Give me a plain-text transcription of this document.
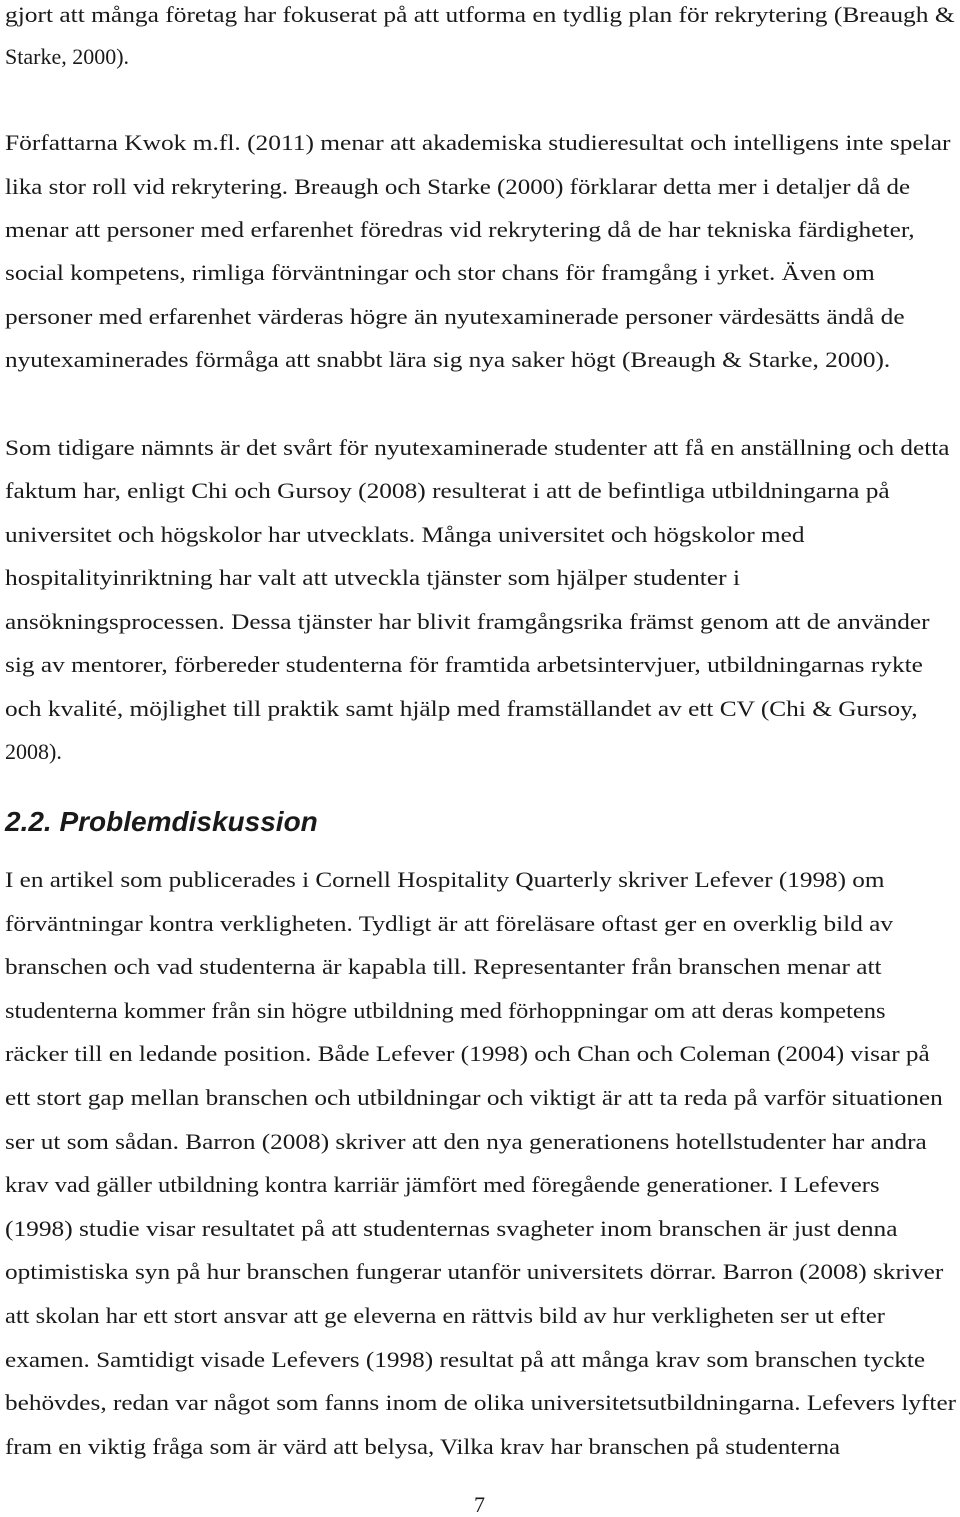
gjort att många företag har fokuserat på att utforma en tydlig plan för rekrytering (Breaugh &
Starke, 2000).
Författarna Kwok m.fl. (2011) menar att akademiska studieresultat och intelligens inte spelar
lika stor roll vid rekrytering. Breaugh och Starke (2000) förklarar detta mer i detaljer då de
menar att personer med erfarenhet föredras vid rekrytering då de har tekniska färdigheter,
social kompetens, rimliga förväntningar och stor chans för framgång i yrket. Även om
personer med erfarenhet värderas högre än nyutexaminerade personer värdesätts ändå de
nyutexaminerades förmåga att snabbt lära sig nya saker högt (Breaugh & Starke, 2000).
Som tidigare nämnts är det svårt för nyutexaminerade studenter att få en anställning och detta
faktum har, enligt Chi och Gursoy (2008) resulterat i att de befintliga utbildningarna på
universitet och högskolor har utvecklats. Många universitet och högskolor med
hospitalityinriktning har valt att utveckla tjänster som hjälper studenter i
ansökningsprocessen. Dessa tjänster har blivit framgångsrika främst genom att de använder
sig av mentorer, förbereder studenterna för framtida arbetsintervjuer, utbildningarnas rykte
och kvalité, möjlighet till praktik samt hjälp med framställandet av ett CV (Chi & Gursoy,
2008).
2.2. Problemdiskussion
I en artikel som publicerades i Cornell Hospitality Quarterly skriver Lefever (1998) om
förväntningar kontra verkligheten. Tydligt är att föreläsare oftast ger en overklig bild av
branschen och vad studenterna är kapabla till. Representanter från branschen menar att
studenterna kommer från sin högre utbildning med förhoppningar om att deras kompetens
räcker till en ledande position. Både Lefever (1998) och Chan och Coleman (2004) visar på
ett stort gap mellan branschen och utbildningar och viktigt är att ta reda på varför situationen
ser ut som sådan. Barron (2008) skriver att den nya generationens hotellstudenter har andra
krav vad gäller utbildning kontra karriär jämfört med föregående generationer. I Lefevers
(1998) studie visar resultatet på att studenternas svagheter inom branschen är just denna
optimistiska syn på hur branschen fungerar utanför universitets dörrar. Barron (2008) skriver
att skolan har ett stort ansvar att ge eleverna en rättvis bild av hur verkligheten ser ut efter
examen. Samtidigt visade Lefevers (1998) resultat på att många krav som branschen tyckte
behövdes, redan var något som fanns inom de olika universitetsutbildningarna. Lefevers lyfter
fram en viktig fråga som är värd att belysa, Vilka krav har branschen på studenterna
7
